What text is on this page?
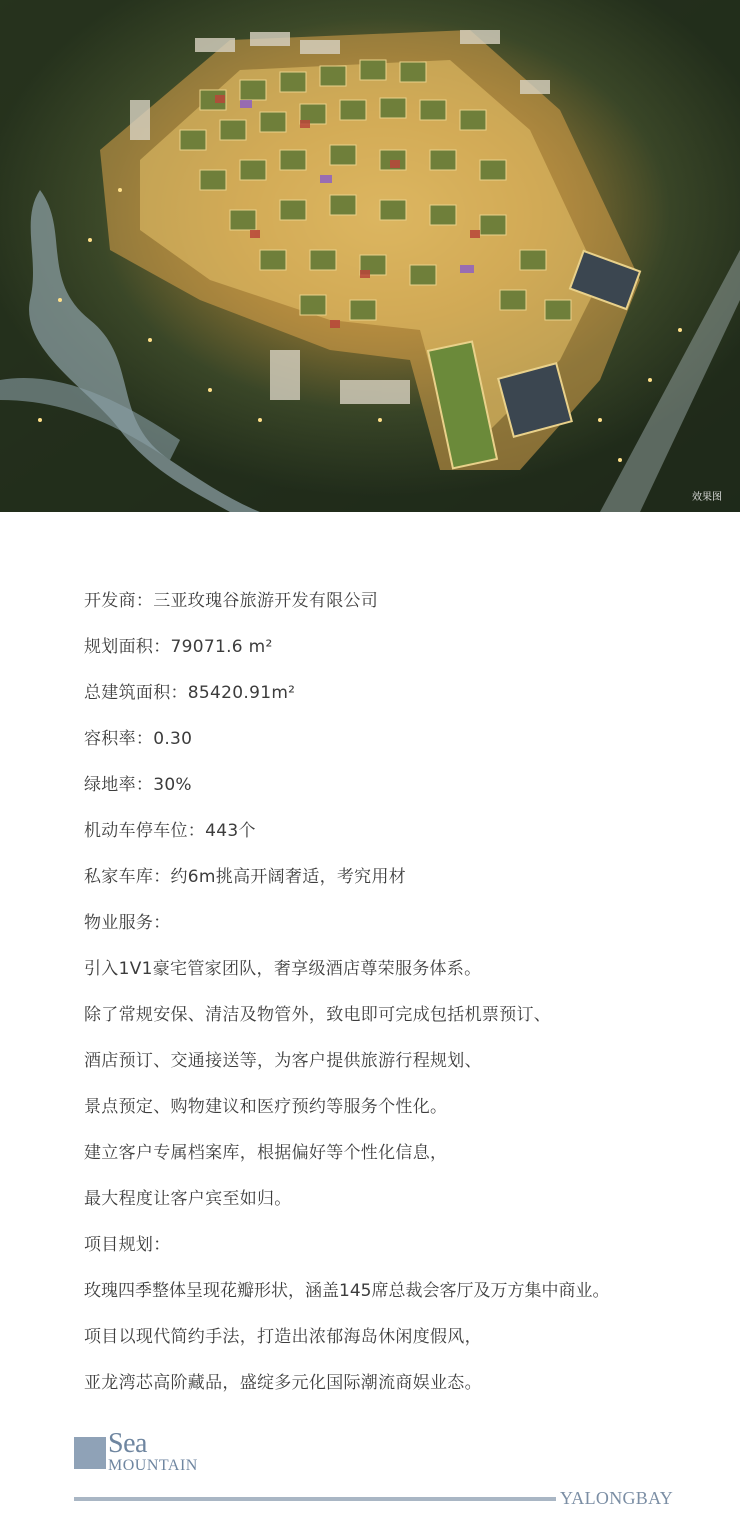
效果图
开发商：三亚玫瑰谷旅游开发有限公司
规划面积：79071.6 m²
总建筑面积：85420.91m²
容积率：0.30
绿地率：30%
机动车停车位：443个
私家车库：约6m挑高开阔奢适，考究用材
物业服务：
引入1V1豪宅管家团队，奢享级酒店尊荣服务体系。
除了常规安保、清洁及物管外，致电即可完成包括机票预订、
酒店预订、交通接送等，为客户提供旅游行程规划、
景点预定、购物建议和医疗预约等服务个性化。
建立客户专属档案库，根据偏好等个性化信息，
最大程度让客户宾至如归。
项目规划：
玫瑰四季整体呈现花瓣形状，涵盖145席总裁会客厅及万方集中商业。
项目以现代简约手法，打造出浓郁海岛休闲度假风，
亚龙湾芯高阶藏品，盛绽多元化国际潮流商娱业态。
Sea
MOUNTAIN
YALONGBAY
